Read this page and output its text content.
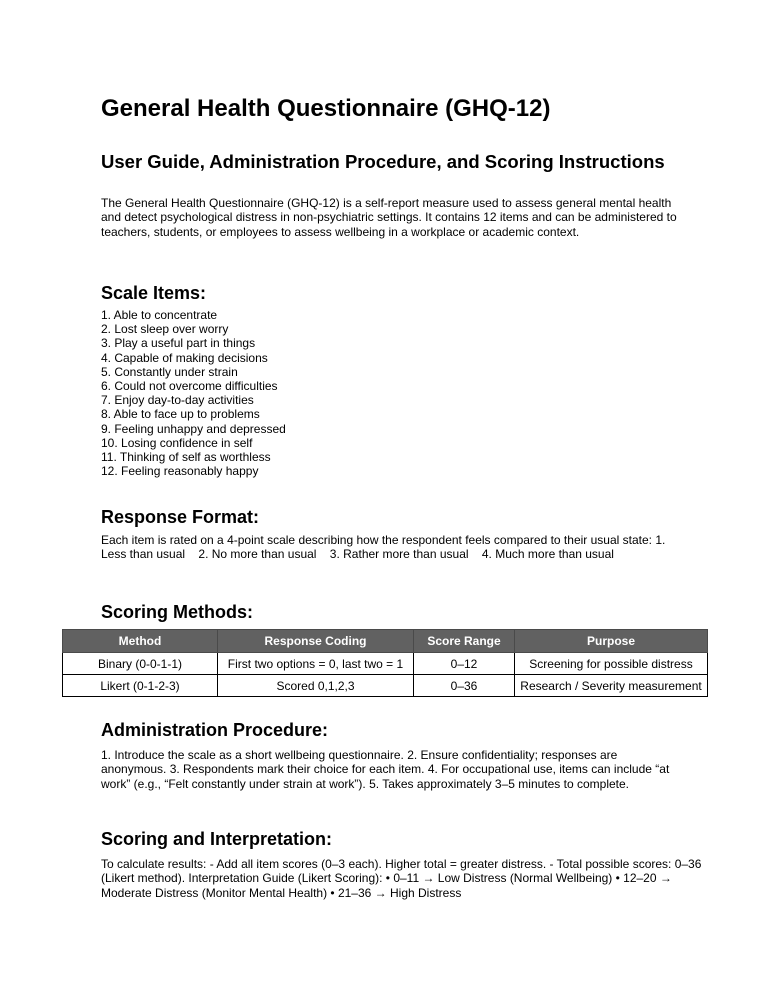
General Health Questionnaire (GHQ-12)
User Guide, Administration Procedure, and Scoring Instructions

The General Health Questionnaire (GHQ-12) is a self-report measure used to assess general mental health and detect psychological distress in non-psychiatric settings. It contains 12 items and can be administered to teachers, students, or employees to assess wellbeing in a workplace or academic context.

Scale Items:
1. Able to concentrate
2. Lost sleep over worry
3. Play a useful part in things
4. Capable of making decisions
5. Constantly under strain
6. Could not overcome difficulties
7. Enjoy day-to-day activities
8. Able to face up to problems
9. Feeling unhappy and depressed
10. Losing confidence in self
11. Thinking of self as worthless
12. Feeling reasonably happy
Response Format:

Each item is rated on a 4-point scale describing how the respondent feels compared to their usual state: 1. Less than usual    2. No more than usual    3. Rather more than usual    4. Much more than usual

Scoring Methods:
Administration Procedure:

1. Introduce the scale as a short wellbeing questionnaire. 2. Ensure confidentiality; responses are anonymous. 3. Respondents mark their choice for each item. 4. For occupational use, items can include “at work” (e.g., “Felt constantly under strain at work”). 5. Takes approximately 3–5 minutes to complete.

Scoring and Interpretation:

To calculate results: - Add all item scores (0–3 each). Higher total = greater distress. - Total possible scores: 0–36 (Likert method). Interpretation Guide (Likert Scoring): • 0–11 → Low Distress (Normal Wellbeing) • 12–20 → Moderate Distress (Monitor Mental Health) • 21–36 → High Distress

Method	Response Coding	Score Range	Purpose
Binary (0-0-1-1)	First two options = 0, last two = 1	0–12	Screening for possible distress
Likert (0-1-2-3)	Scored 0,1,2,3	0–36	Research / Severity measurement
